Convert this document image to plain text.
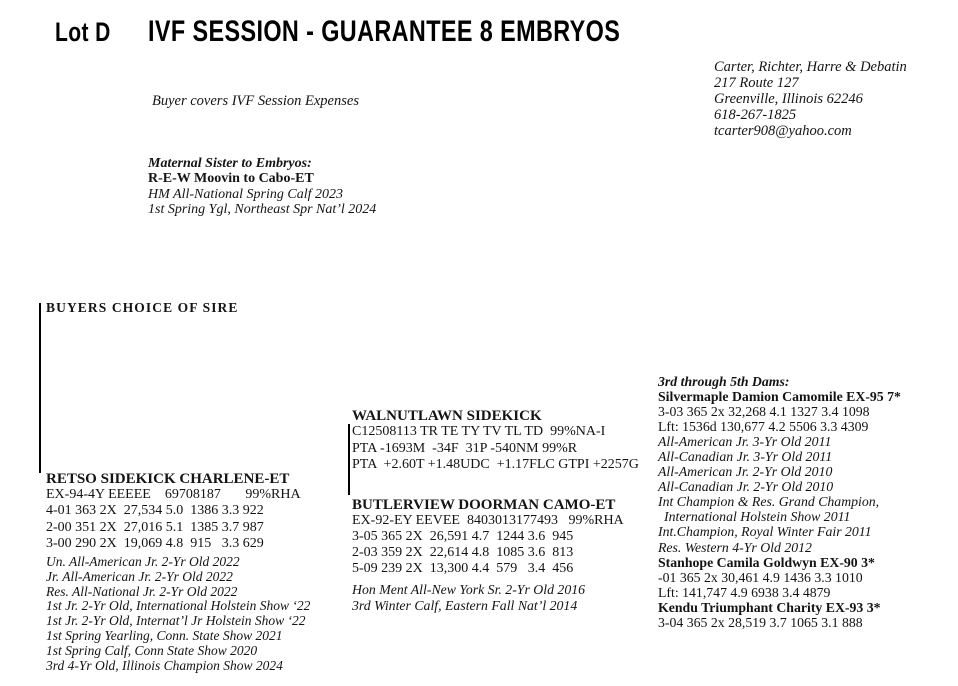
Lot D IVF SESSION - GUARANTEE 8 EMBRYOS
Carter, Richter, Harre & Debatin
217 Route 127
Greenville, Illinois 62246
618-267-1825
tcarter908@yahoo.com
Buyer covers IVF Session Expenses
Maternal Sister to Embryos:
R-E-W Moovin to Cabo-ET
HM All-National Spring Calf 2023
1st Spring Ygl, Northeast Spr Nat’l 2024
BUYERS CHOICE OF SIRE
RETSO SIDEKICK CHARLENE-ET
EX-94-4Y EEEEE    69708187       99%RHA
4-01 363 2X  27,534 5.0  1386 3.3 922
2-00 351 2X  27,016 5.1  1385 3.7 987
3-00 290 2X  19,069 4.8  915   3.3 629
Un. All-American Jr. 2-Yr Old 2022
Jr. All-American Jr. 2-Yr Old 2022
Res. All-National Jr. 2-Yr Old 2022
1st Jr. 2-Yr Old, International Holstein Show ‘22
1st Jr. 2-Yr Old, Internat’l Jr Holstein Show ‘22
1st Spring Yearling, Conn. State Show 2021
1st Spring Calf, Conn State Show 2020
3rd 4-Yr Old, Illinois Champion Show 2024
WALNUTLAWN SIDEKICK
C12508113 TR TE TY TV TL TD  99%NA-I
PTA -1693M  -34F  31P -540NM 99%R
PTA  +2.60T +1.48UDC  +1.17FLC GTPI +2257G
BUTLERVIEW DOORMAN CAMO-ET
EX-92-EY EEVEE  8403013177493   99%RHA
3-05 365 2X  26,591 4.7  1244 3.6  945
2-03 359 2X  22,614 4.8  1085 3.6  813
5-09 239 2X  13,300 4.4  579   3.4  456
Hon Ment All-New York Sr. 2-Yr Old 2016
3rd Winter Calf, Eastern Fall Nat’l 2014
3rd through 5th Dams:
Silvermaple Damion Camomile EX-95 7*
3-03 365 2x 32,268 4.1 1327 3.4 1098
Lft: 1536d 130,677 4.2 5506 3.3 4309
All-American Jr. 3-Yr Old 2011
All-Canadian Jr. 3-Yr Old 2011
All-American Jr. 2-Yr Old 2010
All-Canadian Jr. 2-Yr Old 2010
Int Champion & Res. Grand Champion,
International Holstein Show 2011
Int.Champion, Royal Winter Fair 2011
Res. Western 4-Yr Old 2012
Stanhope Camila Goldwyn EX-90 3*
-01 365 2x 30,461 4.9 1436 3.3 1010
Lft: 141,747 4.9 6938 3.4 4879
Kendu Triumphant Charity EX-93 3*
3-04 365 2x 28,519 3.7 1065 3.1 888
